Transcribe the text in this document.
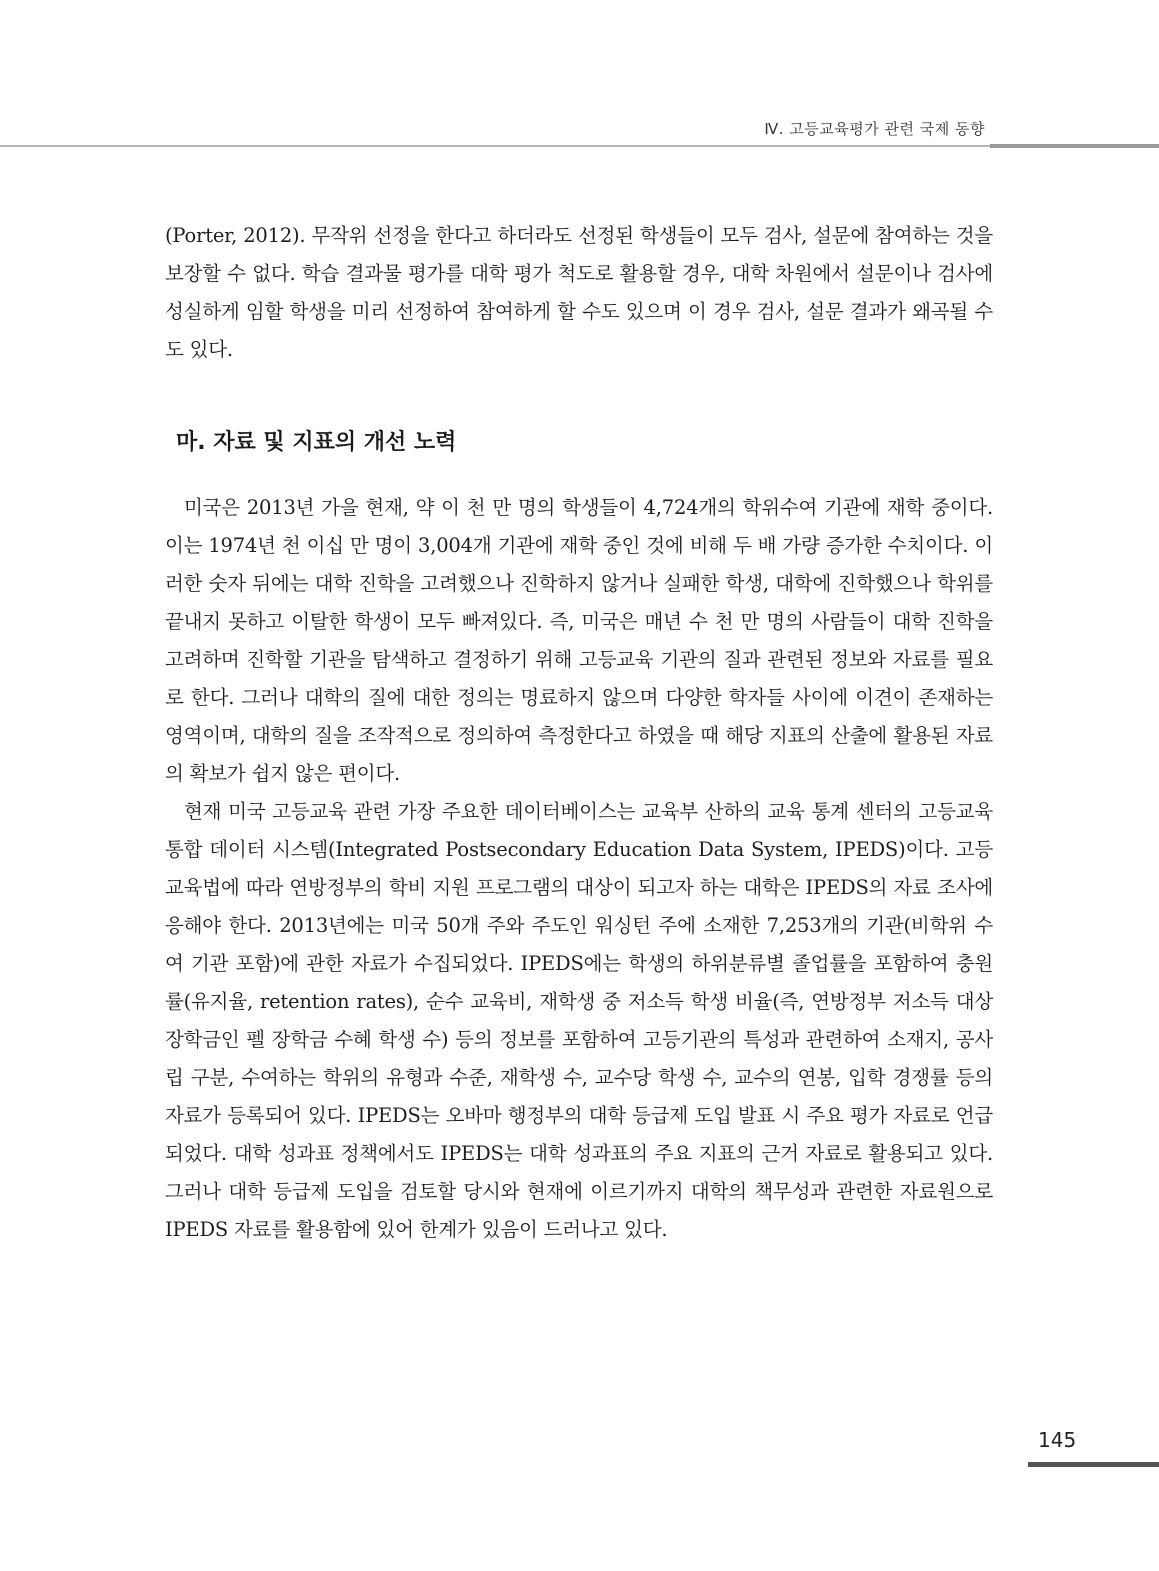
Ⅳ. 고등교육평가 관련 국제 동향

(Porter, 2012). 무작위 선정을 한다고 하더라도 선정된 학생들이 모두 검사, 설문에 참여하는 것을 보장할 수 없다. 학습 결과물 평가를 대학 평가 척도로 활용할 경우, 대학 차원에서 설문이나 검사에 성실하게 임할 학생을 미리 선정하여 참여하게 할 수도 있으며 이 경우 검사, 설문 결과가 왜곡될 수도 있다.

마. 자료 및 지표의 개선 노력

미국은 2013년 가을 현재, 약 이 천 만 명의 학생들이 4,724개의 학위수여 기관에 재학 중이다. 이는 1974년 천 이십 만 명이 3,004개 기관에 재학 중인 것에 비해 두 배 가량 증가한 수치이다. 이러한 숫자 뒤에는 대학 진학을 고려했으나 진학하지 않거나 실패한 학생, 대학에 진학했으나 학위를 끝내지 못하고 이탈한 학생이 모두 빠져있다. 즉, 미국은 매년 수 천 만 명의 사람들이 대학 진학을 고려하며 진학할 기관을 탐색하고 결정하기 위해 고등교육 기관의 질과 관련된 정보와 자료를 필요로 한다. 그러나 대학의 질에 대한 정의는 명료하지 않으며 다양한 학자들 사이에 이견이 존재하는 영역이며, 대학의 질을 조작적으로 정의하여 측정한다고 하였을 때 해당 지표의 산출에 활용된 자료의 확보가 쉽지 않은 편이다.

현재 미국 고등교육 관련 가장 주요한 데이터베이스는 교육부 산하의 교육 통계 센터의 고등교육 통합 데이터 시스템(Integrated Postsecondary Education Data System, IPEDS)이다. 고등교육법에 따라 연방정부의 학비 지원 프로그램의 대상이 되고자 하는 대학은 IPEDS의 자료 조사에 응해야 한다. 2013년에는 미국 50개 주와 주도인 워싱턴 주에 소재한 7,253개의 기관(비학위 수여 기관 포함)에 관한 자료가 수집되었다. IPEDS에는 학생의 하위분류별 졸업률을 포함하여 충원률(유지율, retention rates), 순수 교육비, 재학생 중 저소득 학생 비율(즉, 연방정부 저소득 대상 장학금인 펠 장학금 수혜 학생 수) 등의 정보를 포함하여 고등기관의 특성과 관련하여 소재지, 공사립 구분, 수여하는 학위의 유형과 수준, 재학생 수, 교수당 학생 수, 교수의 연봉, 입학 경쟁률 등의 자료가 등록되어 있다. IPEDS는 오바마 행정부의 대학 등급제 도입 발표 시 주요 평가 자료로 언급되었다. 대학 성과표 정책에서도 IPEDS는 대학 성과표의 주요 지표의 근거 자료로 활용되고 있다. 그러나 대학 등급제 도입을 검토할 당시와 현재에 이르기까지 대학의 책무성과 관련한 자료원으로 IPEDS 자료를 활용함에 있어 한계가 있음이 드러나고 있다.

145
